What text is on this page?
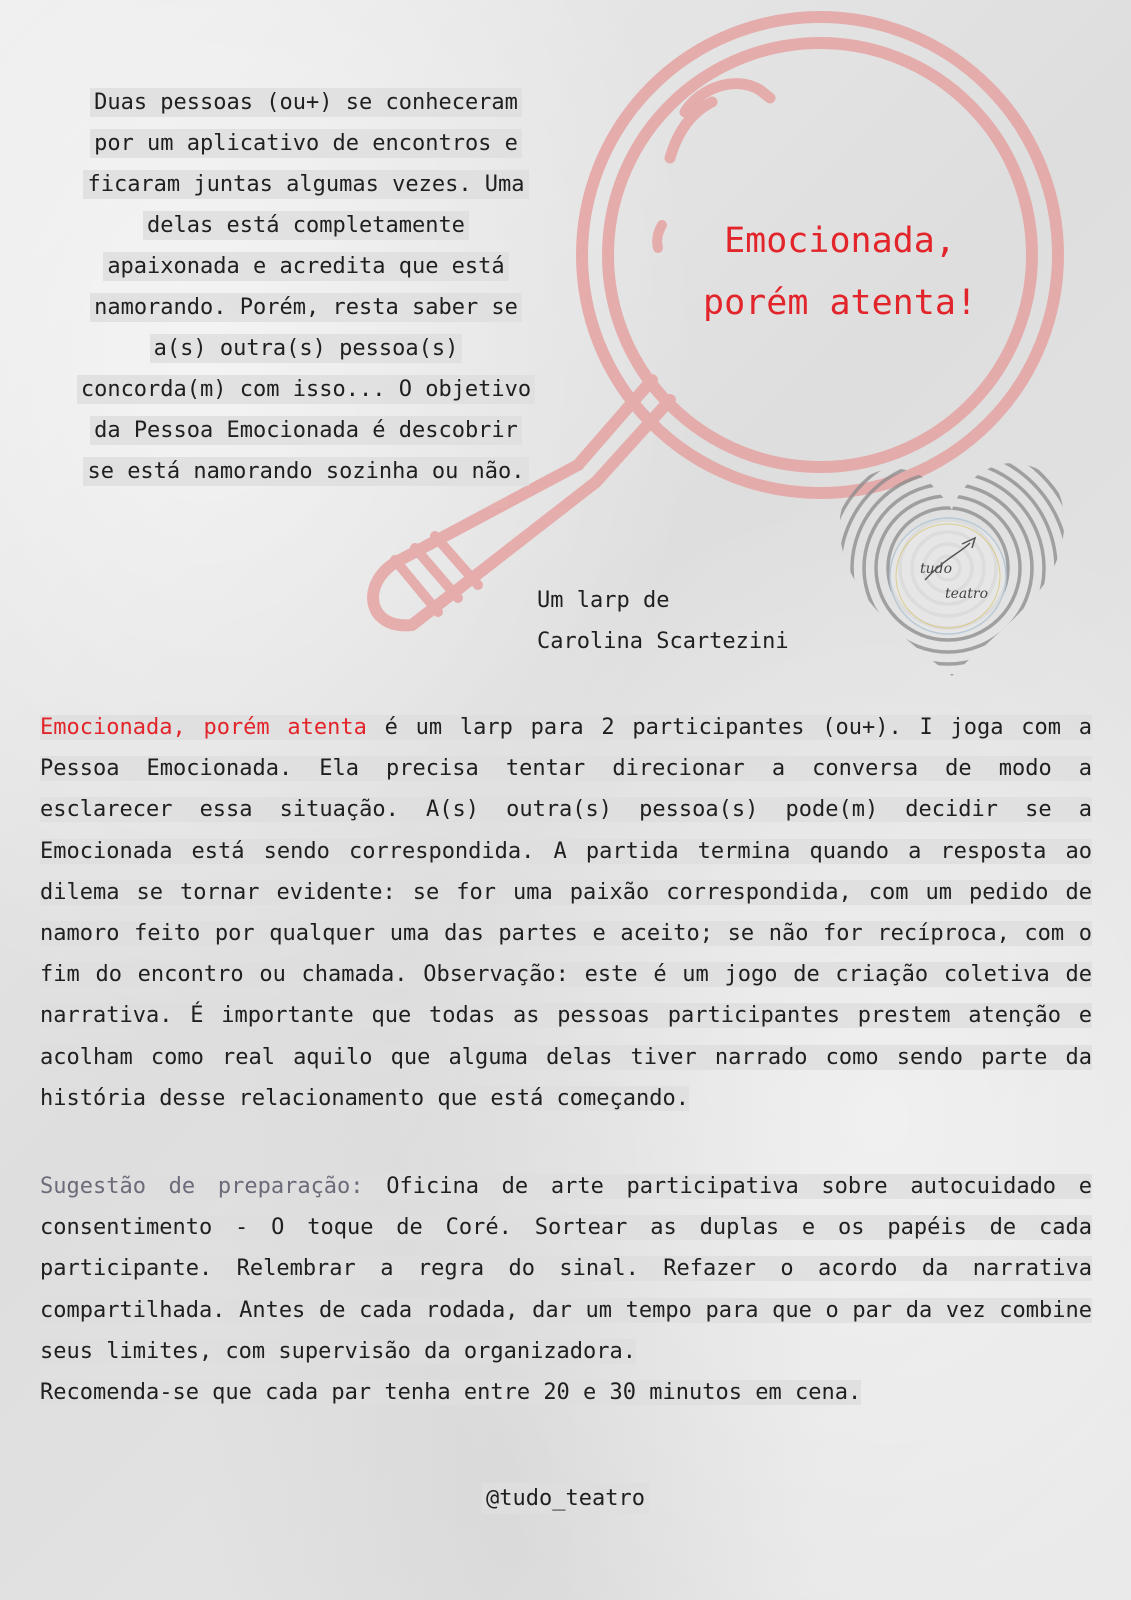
Duas pessoas (ou+) se conheceram por um aplicativo de encontros e ficaram juntas algumas vezes. Uma delas está completamente apaixonada e acredita que está namorando. Porém, resta saber se a(s) outra(s) pessoa(s) concorda(m) com isso... O objetivo da Pessoa Emocionada é descobrir se está namorando sozinha ou não.

Emocionada,
porém atenta!
tudo
teatro
Um larp de
Carolina Scartezini

Emocionada, porém atenta é um larp para 2 participantes (ou+). I joga com a Pessoa Emocionada. Ela precisa tentar direcionar a conversa de modo a esclarecer essa situação. A(s) outra(s) pessoa(s) pode(m) decidir se a Emocionada está sendo correspondida. A partida termina quando a resposta ao dilema se tornar evidente: se for uma paixão correspondida, com um pedido de namoro feito por qualquer uma das partes e aceito; se não for recíproca, com o fim do encontro ou chamada. Observação: este é um jogo de criação coletiva de narrativa. É importante que todas as pessoas participantes prestem atenção e acolham como real aquilo que alguma delas tiver narrado como sendo parte da história desse relacionamento que está começando.

Sugestão de preparação: Oficina de arte participativa sobre autocuidado e consentimento - O toque de Coré. Sortear as duplas e os papéis de cada participante. Relembrar a regra do sinal. Refazer o acordo da narrativa compartilhada. Antes de cada rodada, dar um tempo para que o par da vez combine seus limites, com supervisão da organizadora.
Recomenda-se que cada par tenha entre 20 e 30 minutos em cena.

@tudo_teatro
